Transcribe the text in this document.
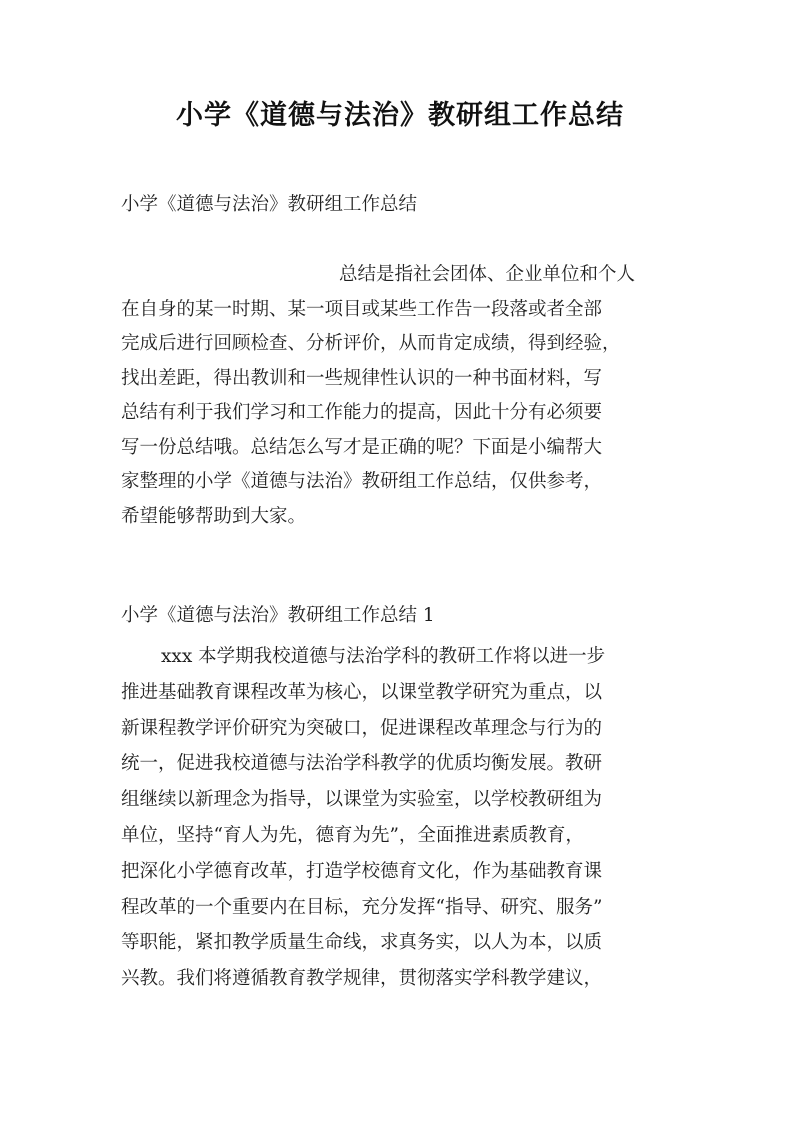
小学《道德与法治》教研组工作总结
小学《道德与法治》教研组工作总结
总结是指社会团体、企业单位和个人
在自身的某一时期、某一项目或某些工作告一段落或者全部
完成后进行回顾检查、分析评价，从而肯定成绩，得到经验，
找出差距，得出教训和一些规律性认识的一种书面材料，写
总结有利于我们学习和工作能力的提高，因此十分有必须要
写一份总结哦。总结怎么写才是正确的呢？下面是小编帮大
家整理的小学《道德与法治》教研组工作总结，仅供参考，
希望能够帮助到大家。
小学《道德与法治》教研组工作总结 1
xxx 本学期我校道德与法治学科的教研工作将以进一步
推进基础教育课程改革为核心，以课堂教学研究为重点，以
新课程教学评价研究为突破口，促进课程改革理念与行为的
统一，促进我校道德与法治学科教学的优质均衡发展。教研
组继续以新理念为指导，以课堂为实验室，以学校教研组为
单位，坚持“育人为先，德育为先”，全面推进素质教育，
把深化小学德育改革，打造学校德育文化，作为基础教育课
程改革的一个重要内在目标，充分发挥“指导、研究、服务”
等职能，紧扣教学质量生命线，求真务实，以人为本，以质
兴教。我们将遵循教育教学规律，贯彻落实学科教学建议，
